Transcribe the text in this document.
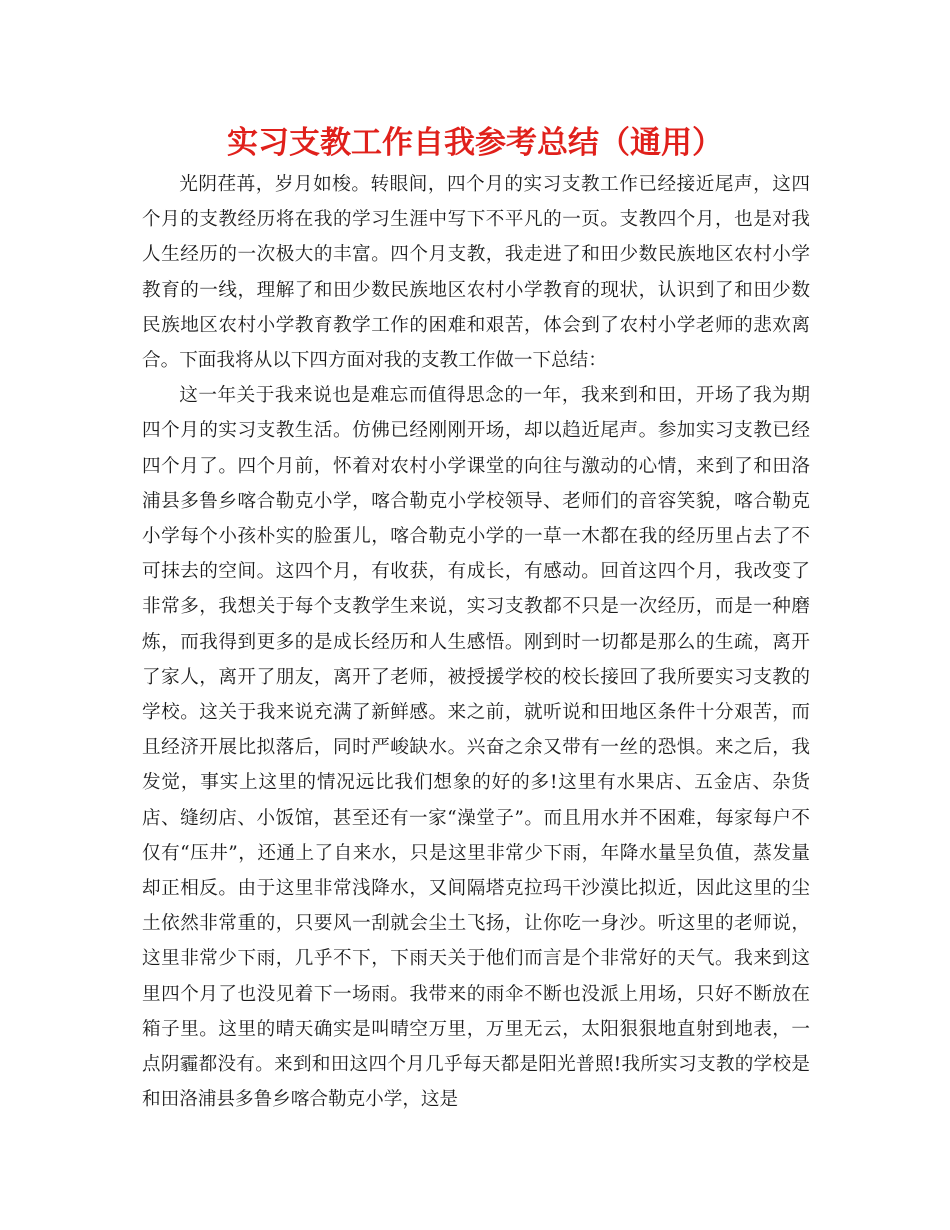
实习支教工作自我参考总结（通用）

光阴荏苒，岁月如梭。转眼间，四个月的实习支教工作已经接近尾声，这四个月的支教经历将在我的学习生涯中写下不平凡的一页。支教四个月，也是对我人生经历的一次极大的丰富。四个月支教，我走进了和田少数民族地区农村小学教育的一线，理解了和田少数民族地区农村小学教育的现状，认识到了和田少数民族地区农村小学教育教学工作的困难和艰苦，体会到了农村小学老师的悲欢离合。下面我将从以下四方面对我的支教工作做一下总结：

这一年关于我来说也是难忘而值得思念的一年，我来到和田，开场了我为期四个月的实习支教生活。仿佛已经刚刚开场，却以趋近尾声。参加实习支教已经四个月了。四个月前，怀着对农村小学课堂的向往与激动的心情，来到了和田洛浦县多鲁乡喀合勒克小学，喀合勒克小学校领导、老师们的音容笑貌，喀合勒克小学每个小孩朴实的脸蛋儿，喀合勒克小学的一草一木都在我的经历里占去了不可抹去的空间。这四个月，有收获，有成长，有感动。回首这四个月，我改变了非常多，我想关于每个支教学生来说，实习支教都不只是一次经历，而是一种磨炼，而我得到更多的是成长经历和人生感悟。刚到时一切都是那么的生疏，离开了家人，离开了朋友，离开了老师，被授援学校的校长接回了我所要实习支教的学校。这关于我来说充满了新鲜感。来之前，就听说和田地区条件十分艰苦，而且经济开展比拟落后，同时严峻缺水。兴奋之余又带有一丝的恐惧。来之后，我发觉，事实上这里的情况远比我们想象的好的多!这里有水果店、五金店、杂货店、缝纫店、小饭馆，甚至还有一家“澡堂子”。而且用水并不困难，每家每户不仅有“压井”，还通上了自来水，只是这里非常少下雨，年降水量呈负值，蒸发量却正相反。由于这里非常浅降水，又间隔塔克拉玛干沙漠比拟近，因此这里的尘土依然非常重的，只要风一刮就会尘土飞扬，让你吃一身沙。听这里的老师说，这里非常少下雨，几乎不下，下雨天关于他们而言是个非常好的天气。我来到这里四个月了也没见着下一场雨。我带来的雨伞不断也没派上用场，只好不断放在箱子里。这里的晴天确实是叫晴空万里，万里无云，太阳狠狠地直射到地表，一点阴霾都没有。来到和田这四个月几乎每天都是阳光普照!我所实习支教的学校是和田洛浦县多鲁乡喀合勒克小学，这是
